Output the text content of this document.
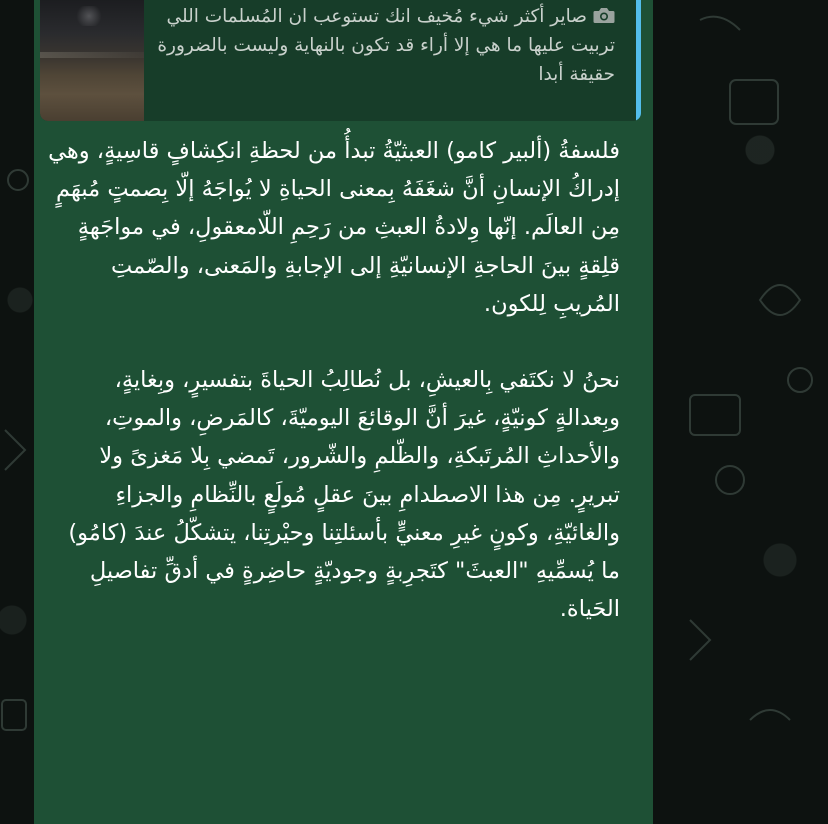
صاير أكثر شيء مُخيف انك تستوعب ان المُسلمات اللي تربيت عليها ما هي إلا أراء قد تكون بالنهاية وليست بالضرورة حقيقة أبدا

فلسفةُ (ألبير كامو) العبثيّةُ تبدأُ من لحظةِ انكِشافٍ قاسِيةٍ، وهي إدراكُ الإنسانِ أنَّ شغَفَهُ بِمعنى الحياةِ لا يُواجَهُ إلّا بِصمتٍ مُبهَمٍ مِن العالَم. إنّها وِلادةُ العبثِ من رَحِمِ اللّامعقولِ، في مواجَهةٍ قلِقةٍ بينَ الحاجةِ الإنسانيّةِ إلى الإجابةِ والمَعنى، والصّمتِ المُريبِ لِلكون.

نحنُ لا نكتَفي بِالعيشِ، بل نُطالِبُ الحياةَ بتفسيرٍ، وبِغايةٍ، وبِعدالةٍ كونيّةٍ، غيرَ أنَّ الوقائعَ اليوميّةَ، كالمَرضِ، والموتِ، والأحداثِ المُرتَبكةِ، والظّلمِ والشّرور، تَمضي بِلا مَغزىً ولا تبريرٍ. مِن هذا الاصطدامِ بينَ عقلٍ مُولَعٍ بالنِّظامِ والجزاءِ والغائيّةِ، وكونٍ غيرِ معنيٍّ بأسئلتِنا وحيْرتِنا، يتشكّلُ عندَ (كامُو) ما يُسمِّيهِ "العبثَ" كتَجرِبةٍ وجوديّةٍ حاضِرةٍ في أدقِّ تفاصيلِ الحَياة.
